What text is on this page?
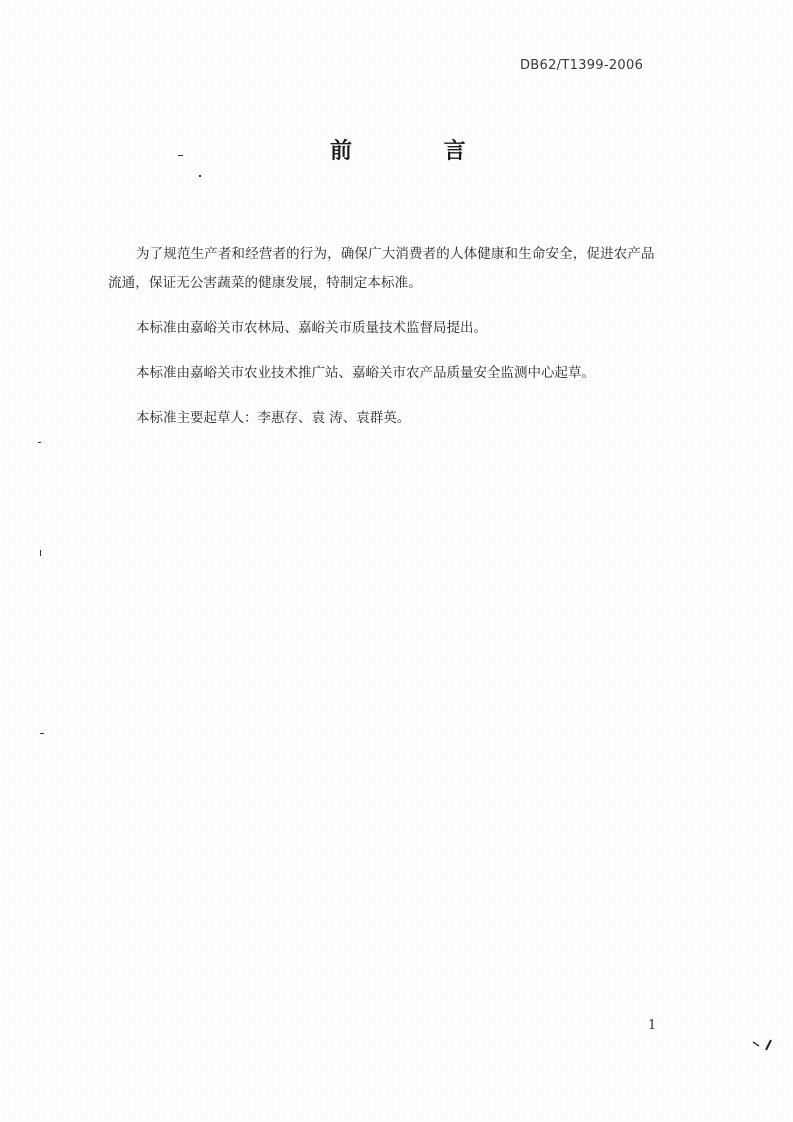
DB62/T1399-2006
前 言

为了规范生产者和经营者的行为，确保广大消费者的人体健康和生命安全，促进农产品流通，保证无公害蔬菜的健康发展，特制定本标准。

本标准由嘉峪关市农林局、嘉峪关市质量技术监督局提出。

本标准由嘉峪关市农业技术推广站、嘉峪关市农产品质量安全监测中心起草。

本标准主要起草人：李惠存、袁 涛、袁群英。

1
